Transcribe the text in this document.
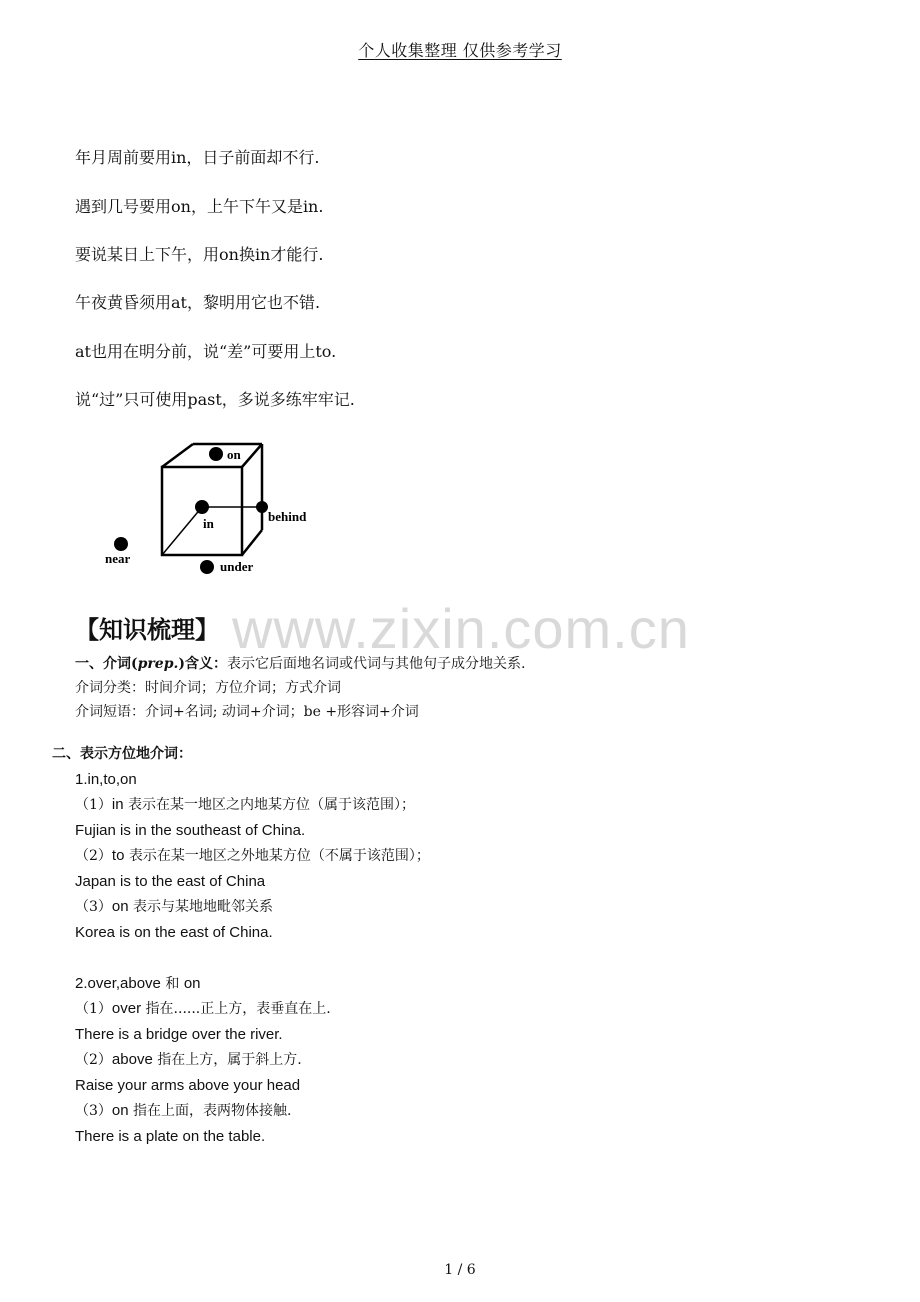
个人收集整理 仅供参考学习
年月周前要用in，日子前面却不行.
遇到几号要用on，上午下午又是in.
要说某日上下午，用on换in才能行.
午夜黄昏须用at，黎明用它也不错.
at也用在明分前，说“差”可要用上to.
说“过”只可使用past，多说多练牢牢记.
on
in	behind
near
under
www.zixin.com.cn
【知识梳理】
一、介词(prep.)含义：表示它后面地名词或代词与其他句子成分地关系.
介词分类：时间介词；方位介词；方式介词
介词短语：介词+名词; 动词+介词；be +形容词+介词
二、表示方位地介词：
1.in,to,on
（1）in 表示在某一地区之内地某方位（属于该范围）；
Fujian is in the southeast of China.
（2）to 表示在某一地区之外地某方位（不属于该范围）；
Japan is to the east of China
（3）on 表示与某地地毗邻关系
Korea is on the east of China.
2.over,above 和 on
（1）over 指在......正上方，表垂直在上.
There is a bridge over the river.
（2）above 指在上方，属于斜上方.
Raise your arms above your head
（3）on 指在上面，表两物体接触.
There is a plate on the table.
1 / 6
